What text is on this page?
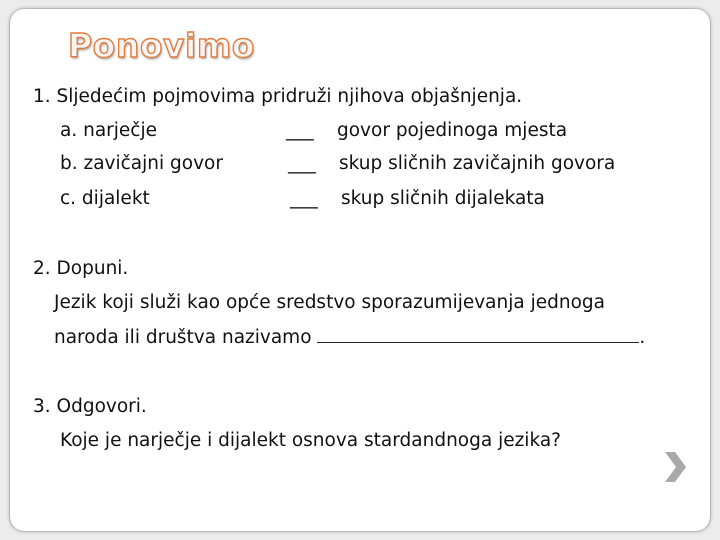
Ponovimo
1. Sljedećim pojmovima pridruži njihova objašnjenja.
a. narječje
b. zavičajni govor
c. dijalekt
___
___
___
govor pojedinoga mjesta
skup sličnih zavičajnih govora
skup sličnih dijalekata
2. Dopuni.
Jezik koji služi kao opće sredstvo sporazumijevanja jednoga
naroda ili društva nazivamo	.
3. Odgovori.
Koje je narječje i dijalekt osnova stardandnoga jezika?
